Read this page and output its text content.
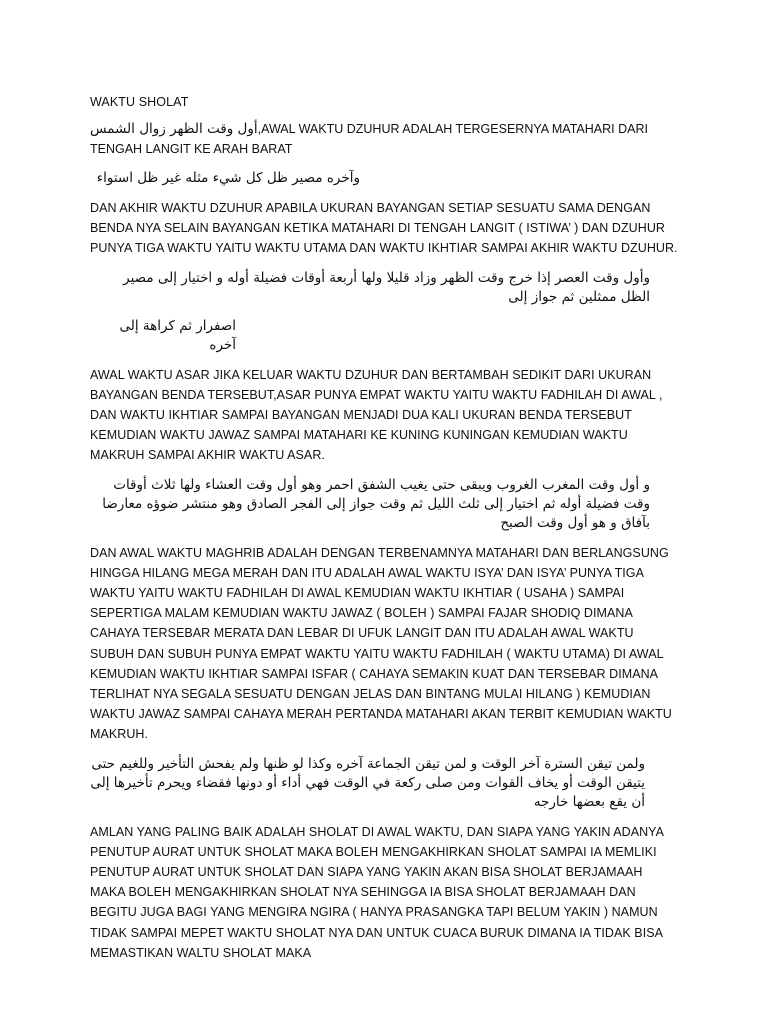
WAKTU SHOLAT
أول وقت الظهر زوال الشمس,AWAL WAKTU DZUHUR ADALAH TERGESERNYA MATAHARI DARI TENGAH LANGIT KE ARAH BARAT
وآخره مصير ظل كل شيء مثله غير ظل استواء
DAN AKHIR WAKTU DZUHUR APABILA UKURAN BAYANGAN SETIAP SESUATU SAMA DENGAN BENDA NYA SELAIN BAYANGAN KETIKA MATAHARI DI TENGAH LANGIT ( ISTIWA’ ) DAN DZUHUR PUNYA TIGA WAKTU YAITU WAKTU UTAMA DAN WAKTU IKHTIAR SAMPAI AKHIR WAKTU DZUHUR.
وأول وقت العصر إذا خرج وقت الظهر وزاد قليلا ولها أربعة أوقات فضيلة أوله و اختيار إلى مصير الظل ممثلين ثم جواز إلى
اصفرار ثم كراهة إلى آخره
AWAL WAKTU ASAR JIKA KELUAR WAKTU DZUHUR DAN BERTAMBAH SEDIKIT DARI UKURAN BAYANGAN BENDA TERSEBUT,ASAR PUNYA EMPAT WAKTU YAITU WAKTU FADHILAH DI AWAL , DAN WAKTU IKHTIAR SAMPAI BAYANGAN MENJADI DUA KALI UKURAN BENDA TERSEBUT KEMUDIAN WAKTU JAWAZ SAMPAI MATAHARI KE KUNING KUNINGAN KEMUDIAN WAKTU MAKRUH SAMPAI AKHIR WAKTU ASAR.
و أول وقت المغرب الغروب ويبقى حتى يغيب الشفق احمر وهو أول وقت العشاء ولها ثلاث أوقات وقت فضيلة أوله ثم اختيار إلى ثلث الليل ثم وقت جواز إلى الفجر الصادق وهو منتشر ضوؤه معارضا بآفاق و هو أول وقت الصبح
DAN AWAL WAKTU MAGHRIB ADALAH DENGAN TERBENAMNYA MATAHARI DAN BERLANGSUNG HINGGA HILANG MEGA MERAH DAN ITU ADALAH AWAL WAKTU ISYA’ DAN ISYA’ PUNYA TIGA WAKTU YAITU WAKTU FADHILAH DI AWAL KEMUDIAN WAKTU IKHTIAR ( USAHA ) SAMPAI SEPERTIGA MALAM KEMUDIAN WAKTU JAWAZ ( BOLEH ) SAMPAI FAJAR SHODIQ DIMANA CAHAYA TERSEBAR MERATA DAN LEBAR DI UFUK LANGIT DAN ITU ADALAH AWAL WAKTU SUBUH DAN SUBUH PUNYA EMPAT WAKTU YAITU WAKTU FADHILAH ( WAKTU UTAMA) DI AWAL KEMUDIAN WAKTU IKHTIAR SAMPAI ISFAR ( CAHAYA SEMAKIN KUAT DAN TERSEBAR DIMANA TERLIHAT NYA SEGALA SESUATU DENGAN JELAS DAN BINTANG MULAI HILANG ) KEMUDIAN WAKTU JAWAZ SAMPAI CAHAYA MERAH PERTANDA MATAHARI AKAN TERBIT KEMUDIAN WAKTU MAKRUH.
ولمن تيقن السترة آخر الوقت و لمن تيقن الجماعة آخره وكذا لو ظنها ولم يفحش التأخير وللغيم حتى يتيقن الوقت أو يخاف القوات ومن صلى ركعة في الوقت فهي أداء أو دونها فقضاء ويحرم تأخيرها إلى أن يقع بعضها خارجه
AMLAN YANG PALING BAIK ADALAH SHOLAT DI AWAL WAKTU, DAN SIAPA YANG YAKIN ADANYA PENUTUP AURAT UNTUK SHOLAT MAKA BOLEH MENGAKHIRKAN SHOLAT SAMPAI IA MEMLIKI PENUTUP AURAT UNTUK SHOLAT DAN SIAPA YANG YAKIN AKAN BISA SHOLAT BERJAMAAH MAKA BOLEH MENGAKHIRKAN SHOLAT NYA SEHINGGA IA BISA SHOLAT BERJAMAAH DAN BEGITU JUGA BAGI YANG MENGIRA NGIRA ( HANYA PRASANGKA TAPI BELUM YAKIN ) NAMUN TIDAK SAMPAI MEPET WAKTU SHOLAT NYA DAN UNTUK CUACA BURUK DIMANA IA TIDAK BISA MEMASTIKAN WALTU SHOLAT MAKA
